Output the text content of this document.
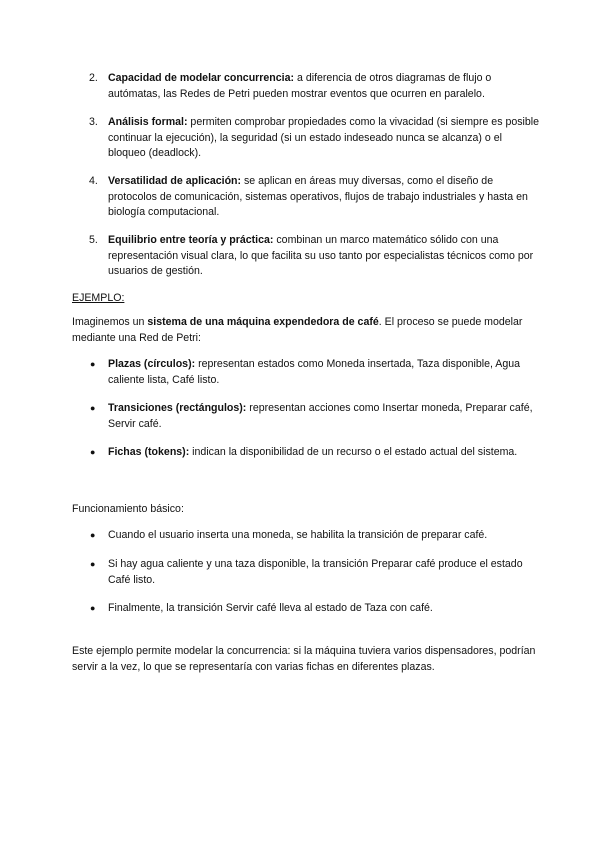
2. Capacidad de modelar concurrencia: a diferencia de otros diagramas de flujo o autómatas, las Redes de Petri pueden mostrar eventos que ocurren en paralelo.
3. Análisis formal: permiten comprobar propiedades como la vivacidad (si siempre es posible continuar la ejecución), la seguridad (si un estado indeseado nunca se alcanza) o el bloqueo (deadlock).
4. Versatilidad de aplicación: se aplican en áreas muy diversas, como el diseño de protocolos de comunicación, sistemas operativos, flujos de trabajo industriales y hasta en biología computacional.
5. Equilibrio entre teoría y práctica: combinan un marco matemático sólido con una representación visual clara, lo que facilita su uso tanto por especialistas técnicos como por usuarios de gestión.
EJEMPLO:
Imaginemos un sistema de una máquina expendedora de café. El proceso se puede modelar mediante una Red de Petri:
● Plazas (círculos): representan estados como Moneda insertada, Taza disponible, Agua caliente lista, Café listo.
● Transiciones (rectángulos): representan acciones como Insertar moneda, Preparar café, Servir café.
● Fichas (tokens): indican la disponibilidad de un recurso o el estado actual del sistema.
Funcionamiento básico:
● Cuando el usuario inserta una moneda, se habilita la transición de preparar café.
● Si hay agua caliente y una taza disponible, la transición Preparar café produce el estado Café listo.
● Finalmente, la transición Servir café lleva al estado de Taza con café.
Este ejemplo permite modelar la concurrencia: si la máquina tuviera varios dispensadores, podrían servir a la vez, lo que se representaría con varias fichas en diferentes plazas.
